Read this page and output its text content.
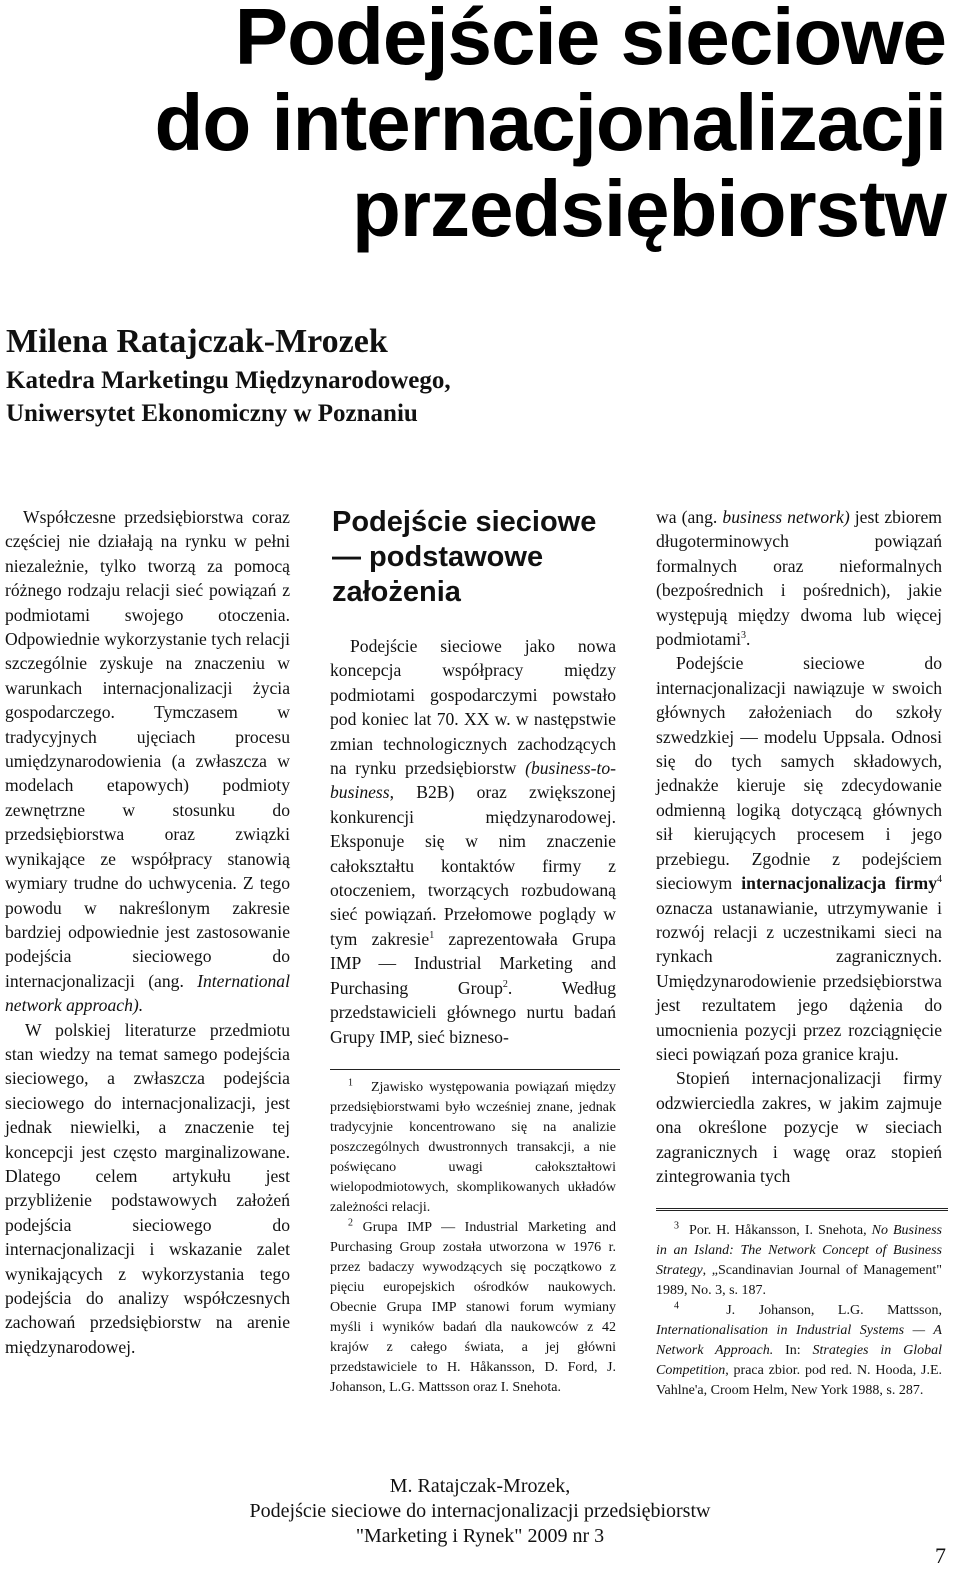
Podejście sieciowe
do internacjonalizacji
przedsiębiorstw
Milena Ratajczak-Mrozek
Katedra Marketingu Międzynarodowego,
Uniwersytet Ekonomiczny w Poznaniu

Współczesne przedsiębiorstwa coraz częściej nie działają na rynku w pełni niezależnie, tylko tworzą za pomocą różnego rodzaju relacji sieć powiązań z podmiotami swojego otoczenia. Odpowiednie wykorzystanie tych relacji szczególnie zyskuje na znaczeniu w warunkach internacjonalizacji życia gospodarczego. Tymczasem w tradycyjnych ujęciach procesu umiędzynarodowienia (a zwłaszcza w modelach etapowych) podmioty zewnętrzne w stosunku do przedsiębiorstwa oraz związki wynikające ze współpracy stanowią wymiary trudne do uchwycenia. Z tego powodu w nakreślonym zakresie bardziej odpowiednie jest zastosowanie podejścia sieciowego do internacjonalizacji (ang. International network approach).

W polskiej literaturze przedmiotu stan wiedzy na temat samego podejścia sieciowego, a zwłaszcza podejścia sieciowego do internacjonalizacji, jest jednak niewielki, a znaczenie tej koncepcji jest często marginalizowane. Dlatego celem artykułu jest przybliżenie podstawowych założeń podejścia sieciowego do internacjonalizacji i wskazanie zalet wynikających z wykorzystania tego podejścia do analizy współczesnych zachowań przedsiębiorstw na arenie międzynarodowej.

Podejście sieciowe — podstawowe założenia

Podejście sieciowe jako nowa koncepcja współpracy między podmiotami gospodarczymi powstało pod koniec lat 70. XX w. w następstwie zmian technologicznych zachodzących na rynku przedsiębiorstw (business-to-business, B2B) oraz zwiększonej konkurencji międzynarodowej. Eksponuje się w nim znaczenie całokształtu kontaktów firmy z otoczeniem, tworzących rozbudowaną sieć powiązań. Przełomowe poglądy w tym zakresie$^1$ zaprezentowała Grupa IMP — Industrial Marketing and Purchasing Group$^2$. Według przedstawicieli głównego nurtu badań Grupy IMP, sieć bizneso-

$^1$ Zjawisko występowania powiązań między przedsiębiorstwami było wcześniej znane, jednak tradycyjnie koncentrowano się na analizie poszczególnych dwustronnych transakcji, a nie poświęcano uwagi całokształtowi wielopodmiotowych, skomplikowanych układów zależności relacji.

$^2$ Grupa IMP — Industrial Marketing and Purchasing Group została utworzona w 1976 r. przez badaczy wywodzących się początkowo z pięciu europejskich ośrodków naukowych. Obecnie Grupa IMP stanowi forum wymiany myśli i wyników badań dla naukowców z 42 krajów z całego świata, a jej główni przedstawiciele to H. Håkansson, D. Ford, J. Johanson, L.G. Mattsson oraz I. Snehota.

wa (ang. business network) jest zbiorem długoterminowych powiązań formalnych oraz nieformalnych (bezpośrednich i pośrednich), jakie występują między dwoma lub więcej podmiotami$^3$.

Podejście sieciowe do internacjonalizacji nawiązuje w swoich głównych założeniach do szkoły szwedzkiej — modelu Uppsala. Odnosi się do tych samych składowych, jednakże kieruje się zdecydowanie odmienną logiką dotyczącą głównych sił kierujących procesem i jego przebiegu. Zgodnie z podejściem sieciowym internacjonalizacja firmy$^4$ oznacza ustanawianie, utrzymywanie i rozwój relacji z uczestnikami sieci na rynkach zagranicznych. Umiędzynarodowienie przedsiębiorstwa jest rezultatem jego dążenia do umocnienia pozycji przez rozciągnięcie sieci powiązań poza granice kraju.

Stopień internacjonalizacji firmy odzwierciedla zakres, w jakim zajmuje ona określone pozycje w sieciach zagranicznych i wagę oraz stopień zintegrowania tych

$^3$ Por. H. Håkansson, I. Snehota, No Business in an Island: The Network Concept of Business Strategy, „Scandinavian Journal of Management" 1989, No. 3, s. 187.

$^4$	J. Johanson, L.G. Mattsson, Internationalisation in Industrial Systems — A Network Approach. In: Strategies in Global Competition, praca zbior. pod red. N. Hooda, J.E. Vahlne'a, Croom Helm, New York 1988, s. 287.

M. Ratajczak-Mrozek,
Podejście sieciowe do internacjonalizacji przedsiębiorstw
"Marketing i Rynek" 2009 nr 3
7
